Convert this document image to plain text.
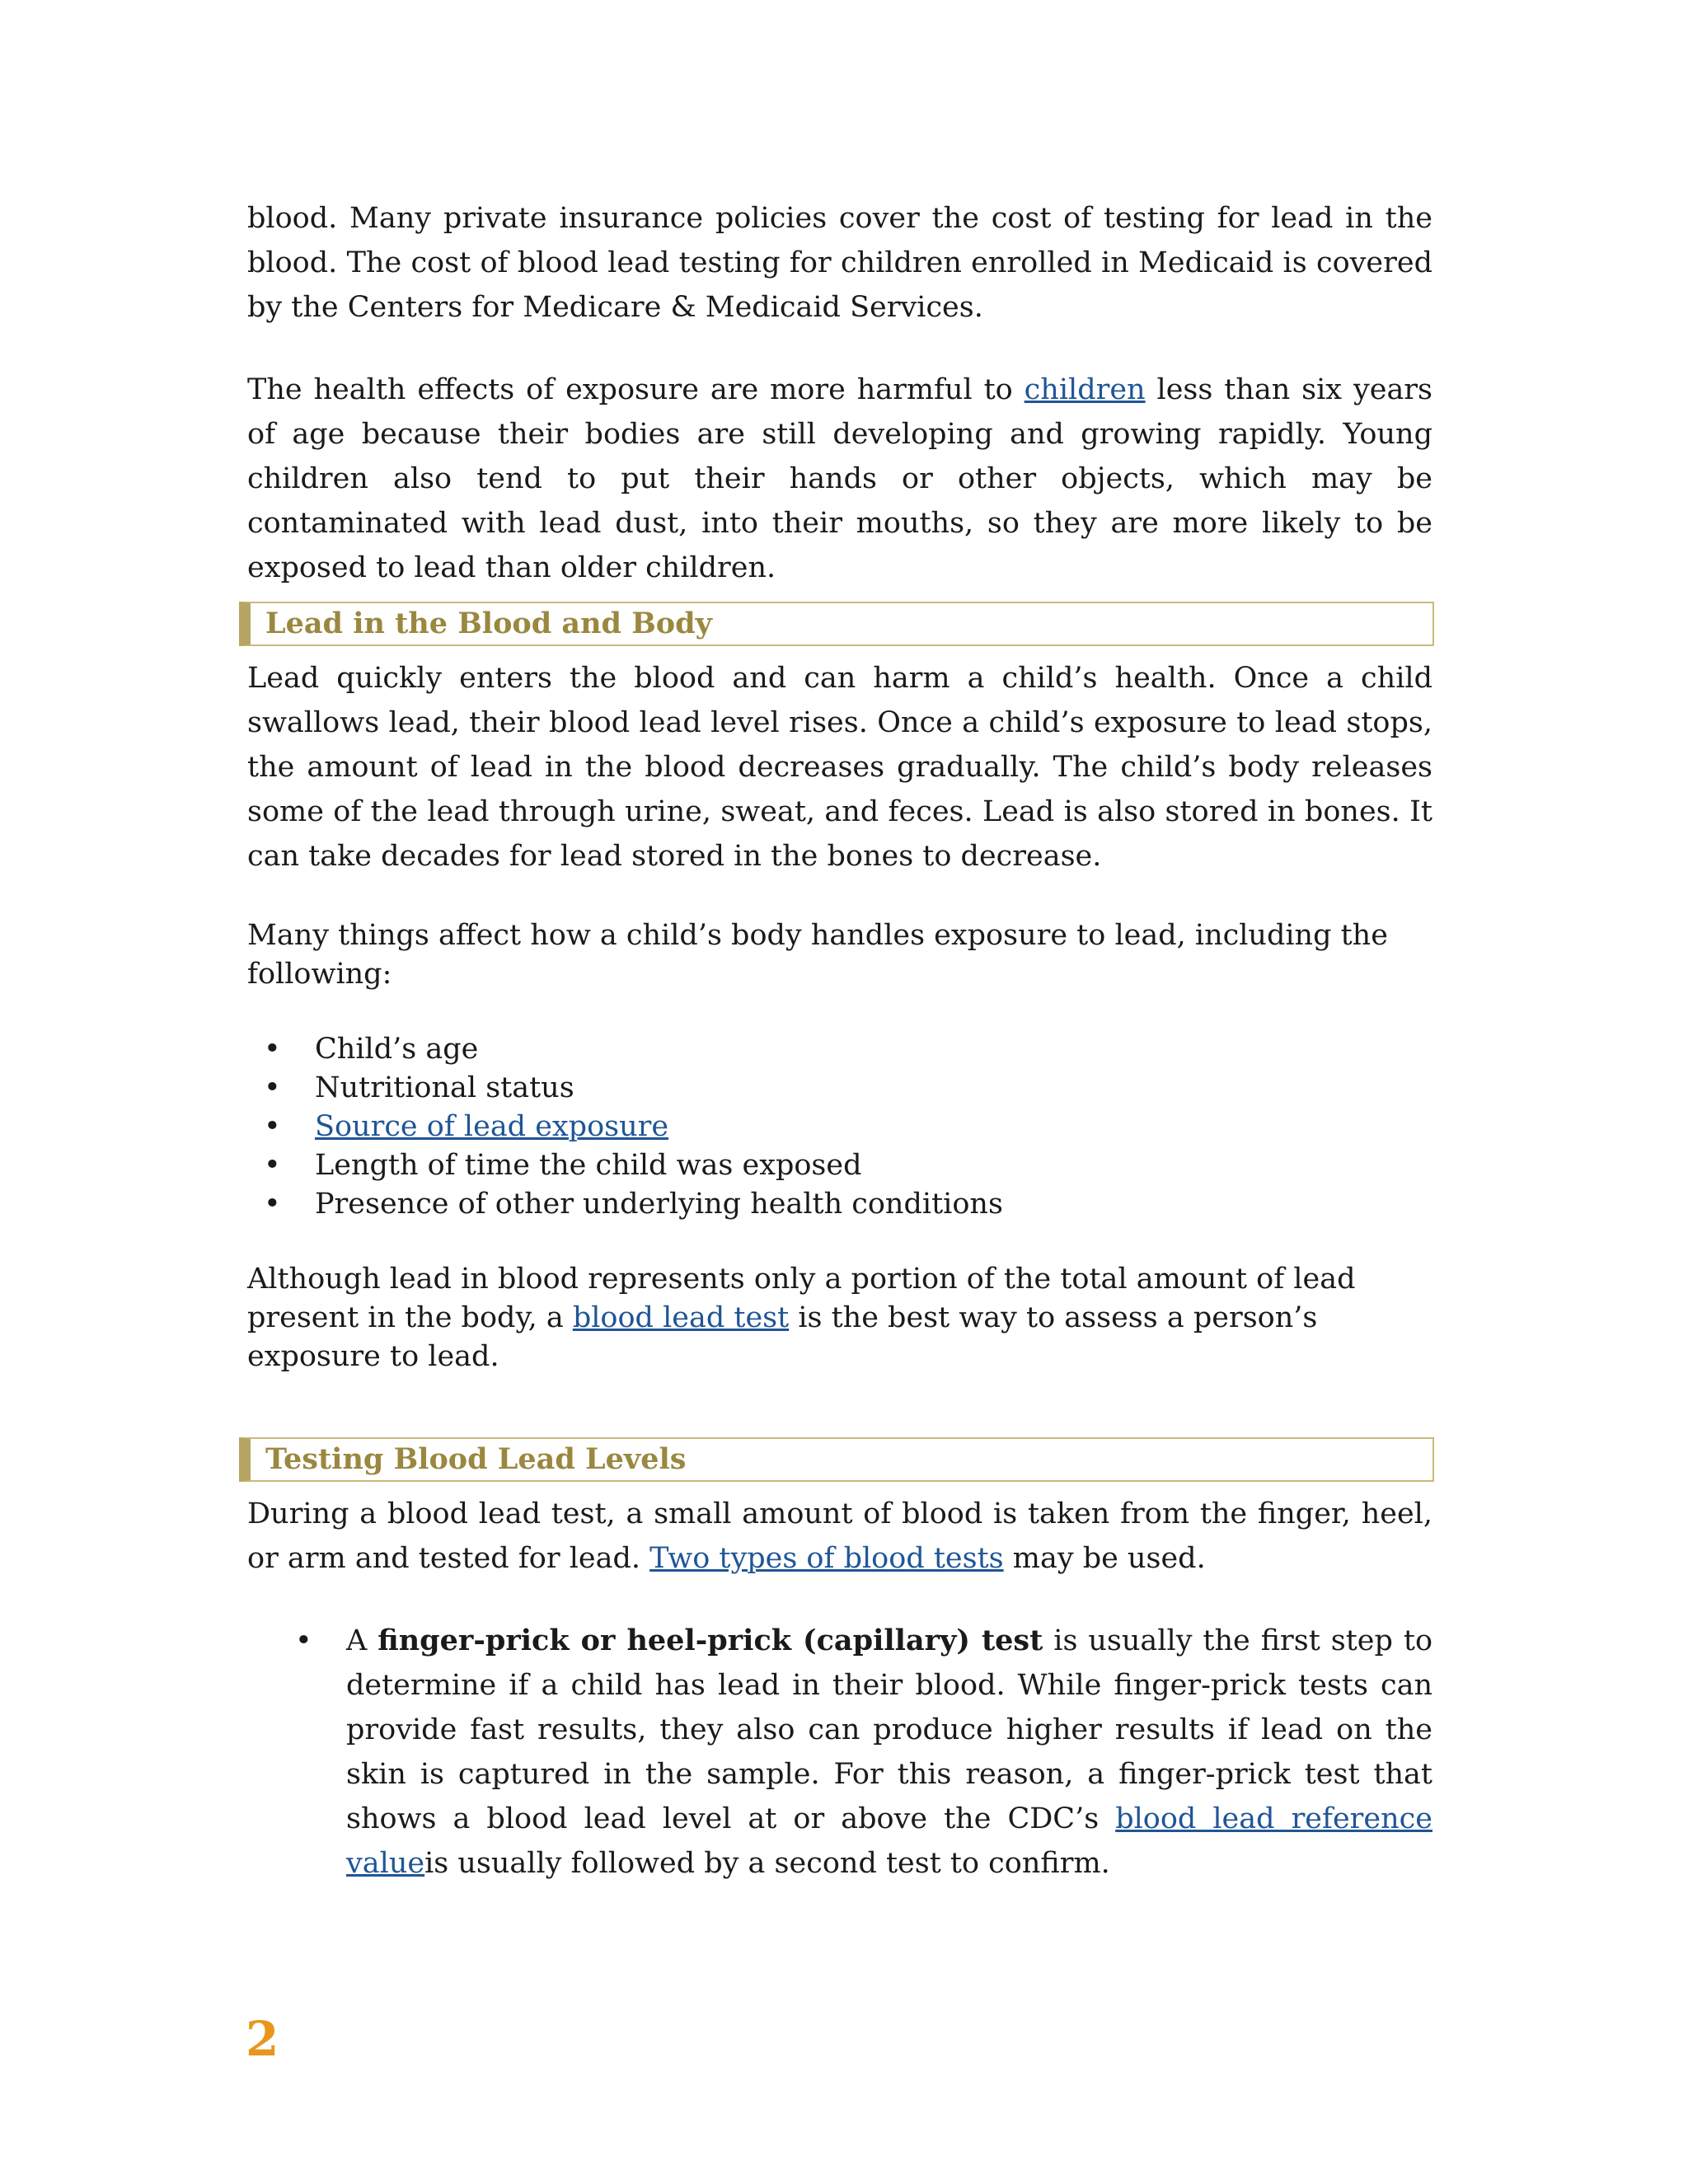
blood. Many private insurance policies cover the cost of testing for lead in the blood. The cost of blood lead testing for children enrolled in Medicaid is covered by the Centers for Medicare & Medicaid Services.

The health effects of exposure are more harmful to children less than six years of age because their bodies are still developing and growing rapidly. Young children also tend to put their hands or other objects, which may be contaminated with lead dust, into their mouths, so they are more likely to be exposed to lead than older children.

Lead in the Blood and Body

Lead quickly enters the blood and can harm a child’s health. Once a child swallows lead, their blood lead level rises. Once a child’s exposure to lead stops, the amount of lead in the blood decreases gradually. The child’s body releases some of the lead through urine, sweat, and feces. Lead is also stored in bones. It can take decades for lead stored in the bones to decrease.

Many things affect how a child’s body handles exposure to lead, including the following:

• Child’s age
• Nutritional status
• Source of lead exposure
• Length of time the child was exposed
• Presence of other underlying health conditions

Although lead in blood represents only a portion of the total amount of lead present in the body, a blood lead test is the best way to assess a person’s exposure to lead.

Testing Blood Lead Levels

During a blood lead test, a small amount of blood is taken from the finger, heel, or arm and tested for lead. Two types of blood tests may be used.

• A finger-prick or heel-prick (capillary) test is usually the first step to determine if a child has lead in their blood. While finger-prick tests can provide fast results, they also can produce higher results if lead on the skin is captured in the sample. For this reason, a finger-prick test that shows a blood lead level at or above the CDC’s blood lead reference valueis usually followed by a second test to confirm.
2
